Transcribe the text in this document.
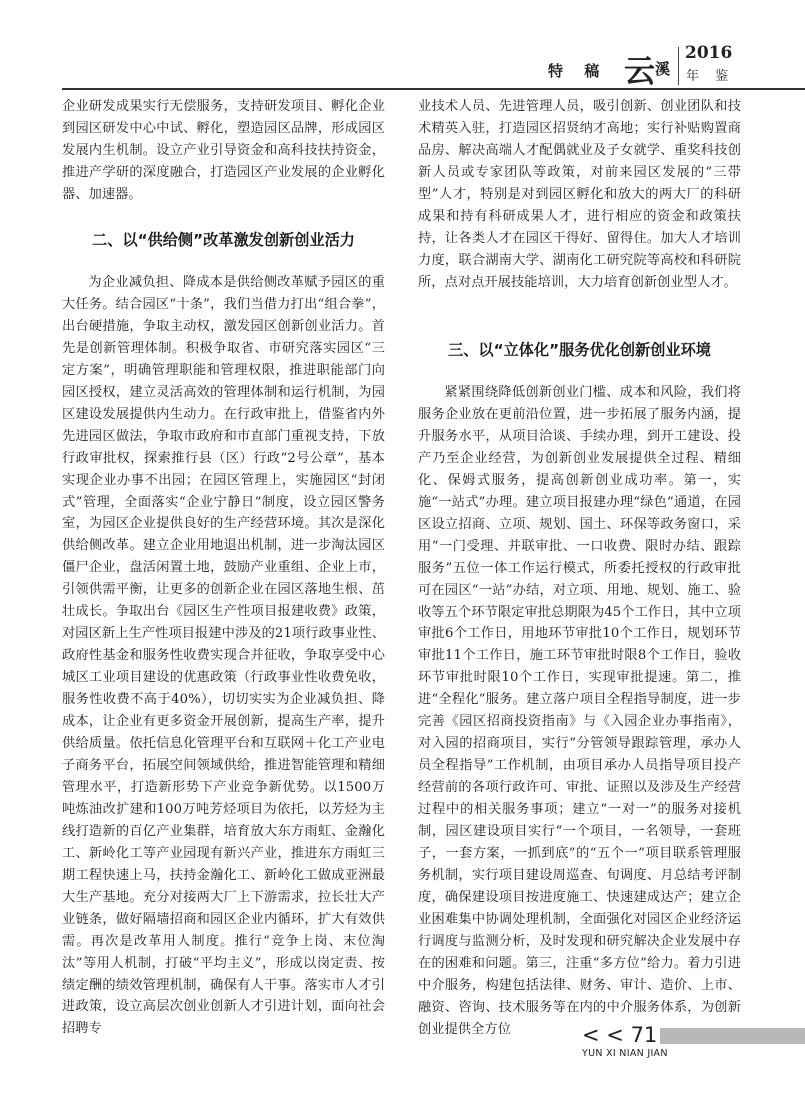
特 稿 云 溪
2016
年 鉴

企业研发成果实行无偿服务，支持研发项目、孵化企业到园区研发中心中试、孵化，塑造园区品牌，形成园区发展内生机制。设立产业引导资金和高科技扶持资金，推进产学研的深度融合，打造园区产业发展的企业孵化器、加速器。

二、以“供给侧”改革激发创新创业活力

为企业减负担、降成本是供给侧改革赋予园区的重大任务。结合园区“十条”，我们当借力打出“组合拳”，出台硬措施，争取主动权，激发园区创新创业活力。首先是创新管理体制。积极争取省、市研究落实园区“三定方案”，明确管理职能和管理权限，推进职能部门向园区授权，建立灵活高效的管理体制和运行机制，为园区建设发展提供内生动力。在行政审批上，借鉴省内外先进园区做法，争取市政府和市直部门重视支持，下放行政审批权，探索推行县（区）行政“2号公章”，基本实现企业办事不出园；在园区管理上，实施园区“封闭式”管理，全面落实“企业宁静日”制度，设立园区警务室，为园区企业提供良好的生产经营环境。其次是深化供给侧改革。建立企业用地退出机制，进一步淘汰园区僵尸企业，盘活闲置土地，鼓励产业重组、企业上市，引领供需平衡，让更多的创新企业在园区落地生根、茁壮成长。争取出台《园区生产性项目报建收费》政策，对园区新上生产性项目报建中涉及的21项行政事业性、政府性基金和服务性收费实现合并征收，争取享受中心城区工业项目建设的优惠政策（行政事业性收费免收，服务性收费不高于40%），切切实实为企业减负担、降成本，让企业有更多资金开展创新，提高生产率，提升供给质量。依托信息化管理平台和互联网＋化工产业电子商务平台，拓展空间领域供给，推进智能管理和精细管理水平，打造新形势下产业竞争新优势。以1500万吨炼油改扩建和100万吨芳烃项目为依托，以芳烃为主线打造新的百亿产业集群，培育放大东方雨虹、金瀚化工、新岭化工等产业园现有新兴产业，推进东方雨虹三期工程快速上马，扶持金瀚化工、新岭化工做成亚洲最大生产基地。充分对接两大厂上下游需求，拉长壮大产业链条，做好隔墙招商和园区企业内循环，扩大有效供需。再次是改革用人制度。推行“竞争上岗、末位淘汰”等用人机制，打破“平均主义”，形成以岗定责、按绩定酬的绩效管理机制，确保有人干事。落实市人才引进政策，设立高层次创业创新人才引进计划，面向社会招聘专

业技术人员、先进管理人员，吸引创新、创业团队和技术精英入驻，打造园区招贤纳才高地；实行补贴购置商品房、解决高端人才配偶就业及子女就学、重奖科技创新人员或专家团队等政策，对前来园区发展的“三带型”人才，特别是对到园区孵化和放大的两大厂的科研成果和持有科研成果人才，进行相应的资金和政策扶持，让各类人才在园区干得好、留得住。加大人才培训力度，联合湖南大学、湖南化工研究院等高校和科研院所，点对点开展技能培训，大力培育创新创业型人才。

三、以“立体化”服务优化创新创业环境

紧紧围绕降低创新创业门槛、成本和风险，我们将服务企业放在更前沿位置，进一步拓展了服务内涵，提升服务水平，从项目洽谈、手续办理，到开工建设、投产乃至企业经营，为创新创业发展提供全过程、精细化、保姆式服务，提高创新创业成功率。第一，实施“一站式”办理。建立项目报建办理“绿色”通道，在园区设立招商、立项、规划、国土、环保等政务窗口，采用“一门受理、并联审批、一口收费、限时办结、跟踪服务”五位一体工作运行模式，所委托授权的行政审批可在园区“一站”办结，对立项、用地、规划、施工、验收等五个环节限定审批总期限为45个工作日，其中立项审批6个工作日，用地环节审批10个工作日，规划环节审批11个工作日，施工环节审批时限8个工作日，验收环节审批时限10个工作日，实现审批提速。第二，推进“全程化”服务。建立落户项目全程指导制度，进一步完善《园区招商投资指南》与《入园企业办事指南》，对入园的招商项目，实行“分管领导跟踪管理，承办人员全程指导”工作机制，由项目承办人员指导项目投产经营前的各项行政许可、审批、证照以及涉及生产经营过程中的相关服务事项；建立“一对一”的服务对接机制，园区建设项目实行“一个项目，一名领导，一套班子，一套方案，一抓到底”的“五个一”项目联系管理服务机制，实行项目建设周巡查、旬调度、月总结考评制度，确保建设项目按进度施工、快速建成达产；建立企业困难集中协调处理机制，全面强化对园区企业经济运行调度与监测分析，及时发现和研究解决企业发展中存在的困难和问题。第三，注重“多方位”给力。着力引进中介服务，构建包括法律、财务、审计、造价、上市、融资、咨询、技术服务等在内的中介服务体系，为创新创业提供全方位	< < 71
YUN XI NIAN JIAN
